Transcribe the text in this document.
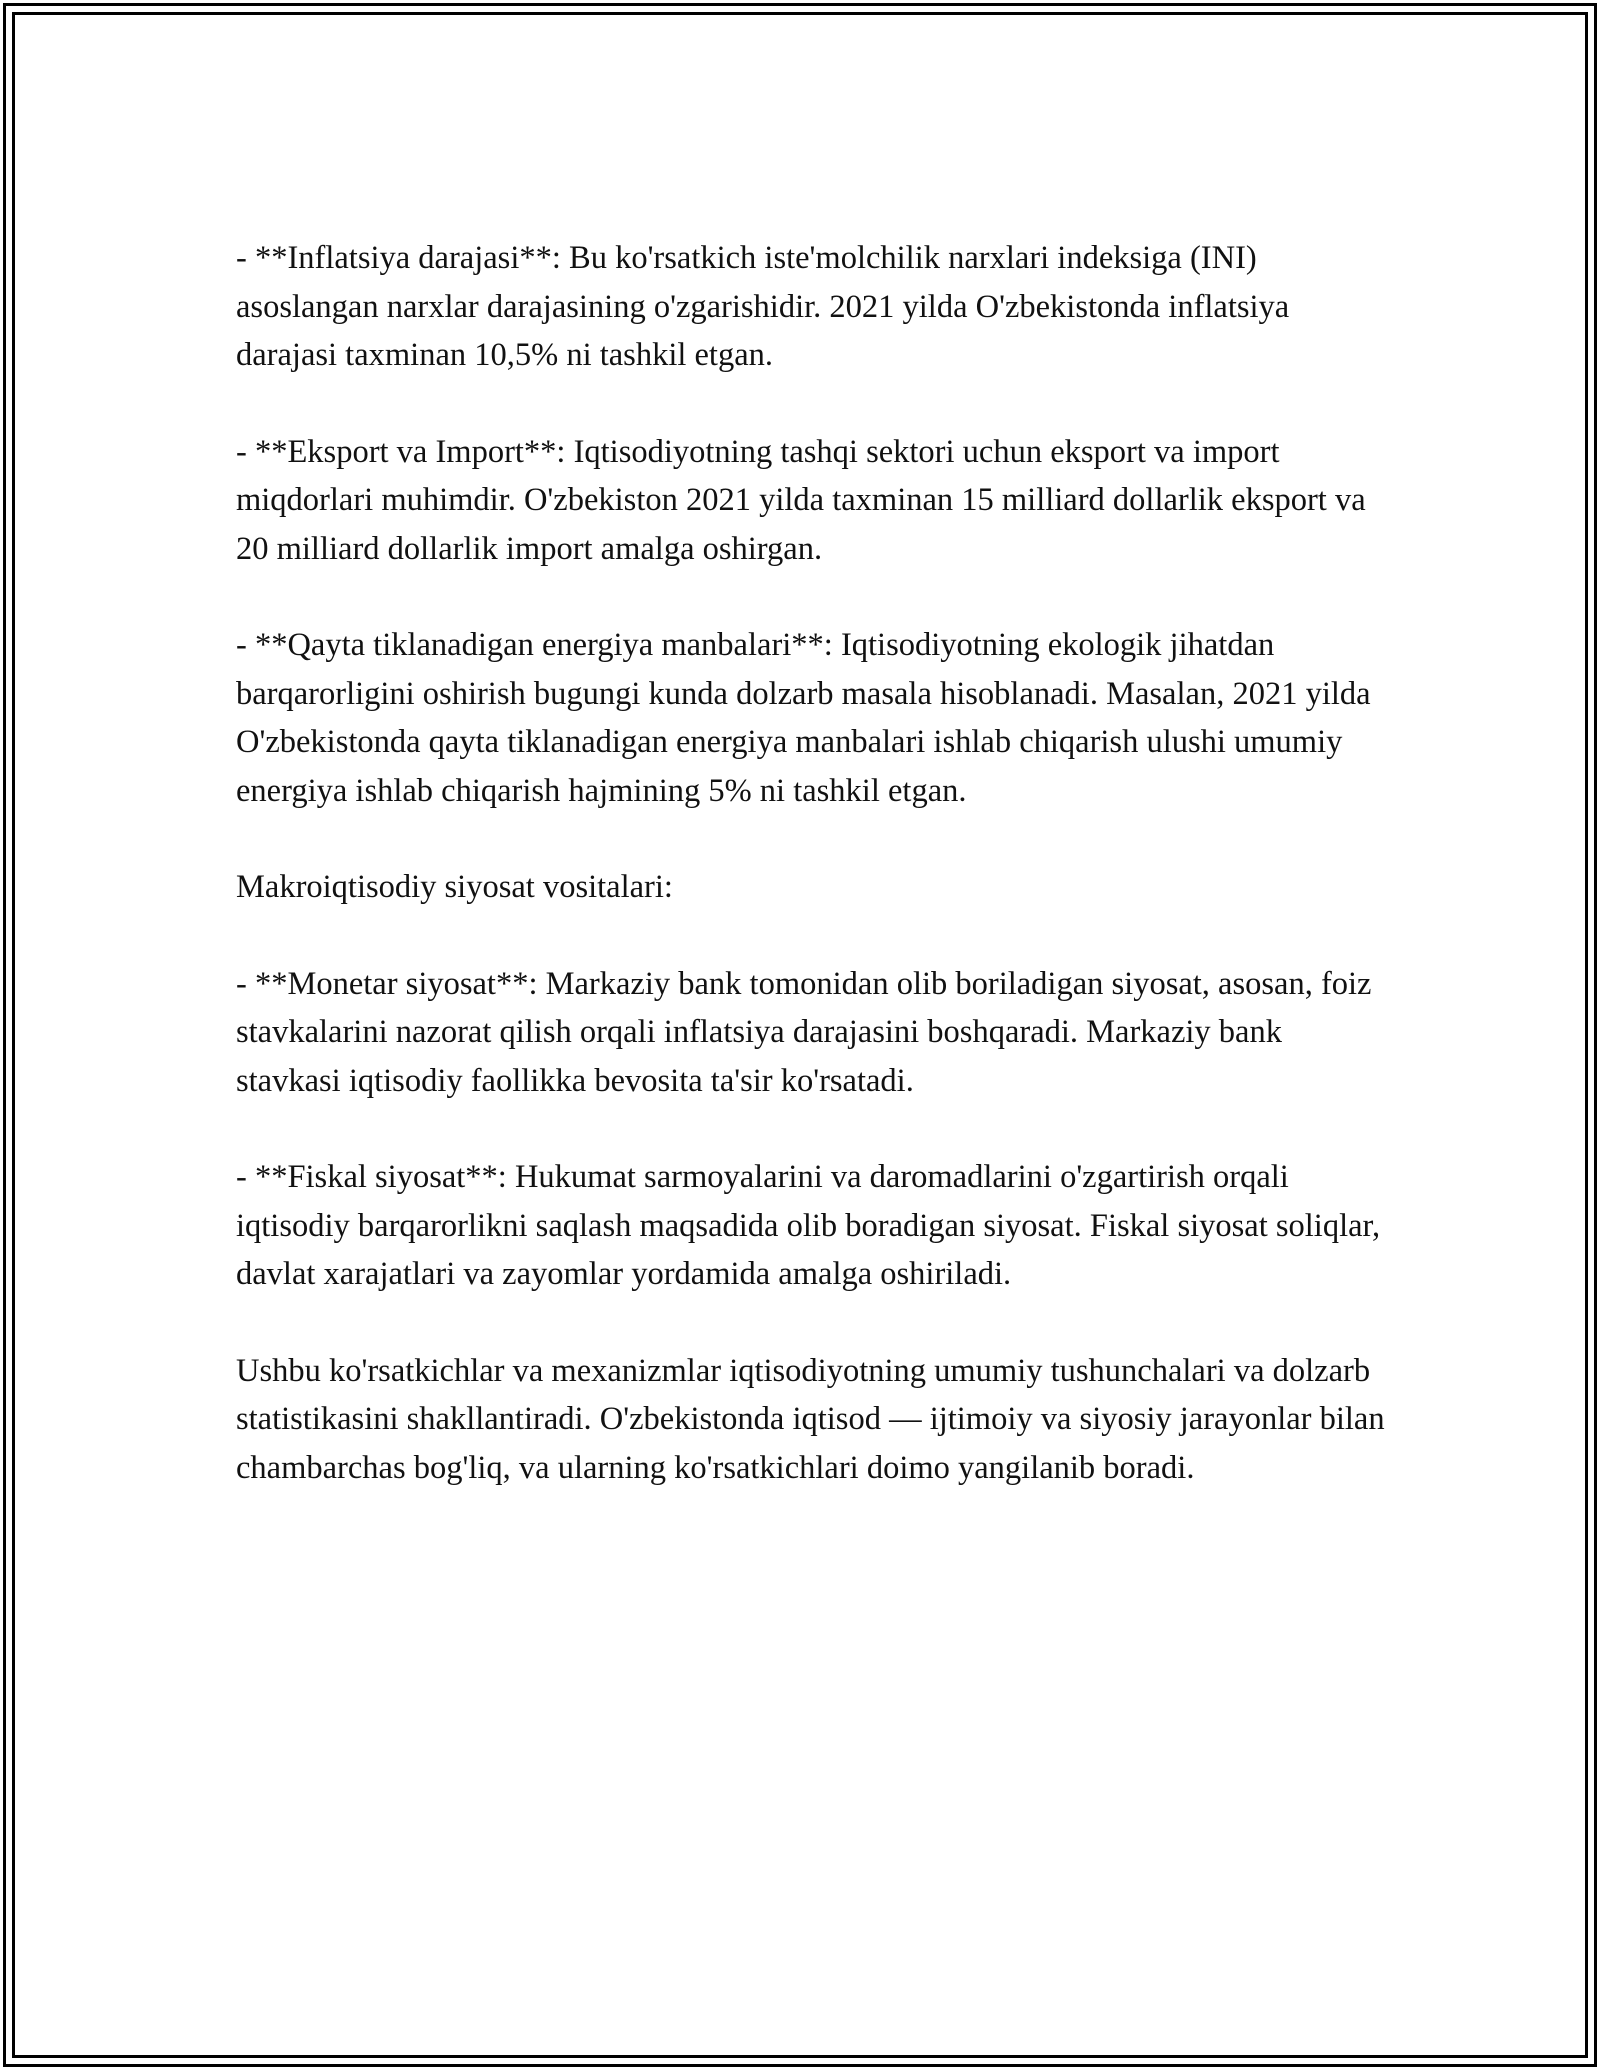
- **Inflatsiya darajasi**: Bu ko'rsatkich iste'molchilik narxlari indeksiga (INI) asoslangan narxlar darajasining o'zgarishidir. 2021 yilda O'zbekistonda inflatsiya darajasi taxminan 10,5% ni tashkil etgan.

- **Eksport va Import**: Iqtisodiyotning tashqi sektori uchun eksport va import miqdorlari muhimdir. O'zbekiston 2021 yilda taxminan 15 milliard dollarlik eksport va 20 milliard dollarlik import amalga oshirgan.

- **Qayta tiklanadigan energiya manbalari**: Iqtisodiyotning ekologik jihatdan barqarorligini oshirish bugungi kunda dolzarb masala hisoblanadi. Masalan, 2021 yilda O'zbekistonda qayta tiklanadigan energiya manbalari ishlab chiqarish ulushi umumiy energiya ishlab chiqarish hajmining 5% ni tashkil etgan.

Makroiqtisodiy siyosat vositalari:

- **Monetar siyosat**: Markaziy bank tomonidan olib boriladigan siyosat, asosan, foiz stavkalarini nazorat qilish orqali inflatsiya darajasini boshqaradi. Markaziy bank stavkasi iqtisodiy faollikka bevosita ta'sir ko'rsatadi.

- **Fiskal siyosat**: Hukumat sarmoyalarini va daromadlarini o'zgartirish orqali iqtisodiy barqarorlikni saqlash maqsadida olib boradigan siyosat. Fiskal siyosat soliqlar, davlat xarajatlari va zayomlar yordamida amalga oshiriladi.

Ushbu ko'rsatkichlar va mexanizmlar iqtisodiyotning umumiy tushunchalari va dolzarb statistikasini shakllantiradi. O'zbekistonda iqtisod — ijtimoiy va siyosiy jarayonlar bilan chambarchas bog'liq, va ularning ko'rsatkichlari doimo yangilanib boradi.
